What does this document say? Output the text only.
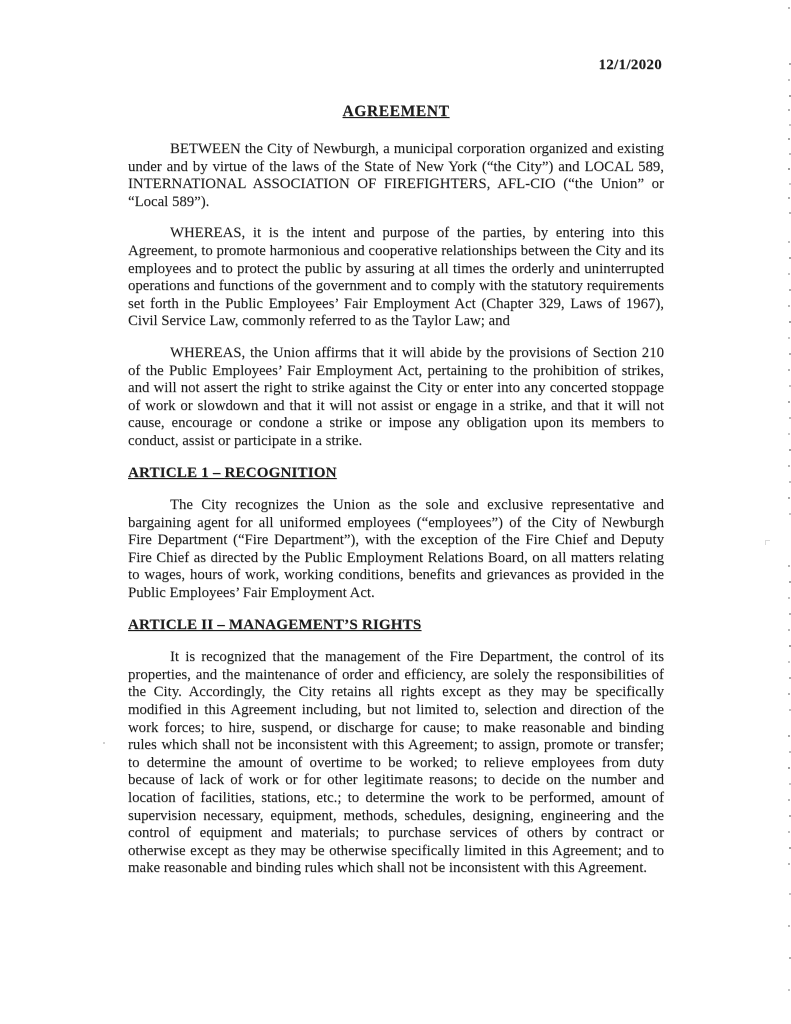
12/1/2020
AGREEMENT

BETWEEN the City of Newburgh, a municipal corporation organized and existing under and by virtue of the laws of the State of New York (“the City”) and LOCAL 589, INTERNATIONAL ASSOCIATION OF FIREFIGHTERS, AFL-CIO (“the Union” or “Local 589”).

WHEREAS, it is the intent and purpose of the parties, by entering into this Agreement, to promote harmonious and cooperative relationships between the City and its employees and to protect the public by assuring at all times the orderly and uninterrupted operations and functions of the government and to comply with the statutory requirements set forth in the Public Employees’ Fair Employment Act (Chapter 329, Laws of 1967), Civil Service Law, commonly referred to as the Taylor Law; and

WHEREAS, the Union affirms that it will abide by the provisions of Section 210 of the Public Employees’ Fair Employment Act, pertaining to the prohibition of strikes, and will not assert the right to strike against the City or enter into any concerted stoppage of work or slowdown and that it will not assist or engage in a strike, and that it will not cause, encourage or condone a strike or impose any obligation upon its members to conduct, assist or participate in a strike.

ARTICLE 1 – RECOGNITION

The City recognizes the Union as the sole and exclusive representative and bargaining agent for all uniformed employees (“employees”) of the City of Newburgh Fire Department (“Fire Department”), with the exception of the Fire Chief and Deputy Fire Chief as directed by the Public Employment Relations Board, on all matters relating to wages, hours of work, working conditions, benefits and grievances as provided in the Public Employees’ Fair Employment Act.

ARTICLE II – MANAGEMENT’S RIGHTS

It is recognized that the management of the Fire Department, the control of its properties, and the maintenance of order and efficiency, are solely the responsibilities of the City. Accordingly, the City retains all rights except as they may be specifically modified in this Agreement including, but not limited to, selection and direction of the work forces; to hire, suspend, or discharge for cause; to make reasonable and binding rules which shall not be inconsistent with this Agreement; to assign, promote or transfer; to determine the amount of overtime to be worked; to relieve employees from duty because of lack of work or for other legitimate reasons; to decide on the number and location of facilities, stations, etc.; to determine the work to be performed, amount of supervision necessary, equipment, methods, schedules, designing, engineering and the control of equipment and materials; to purchase services of others by contract or otherwise except as they may be otherwise specifically limited in this Agreement; and to make reasonable and binding rules which shall not be inconsistent with this Agreement.
